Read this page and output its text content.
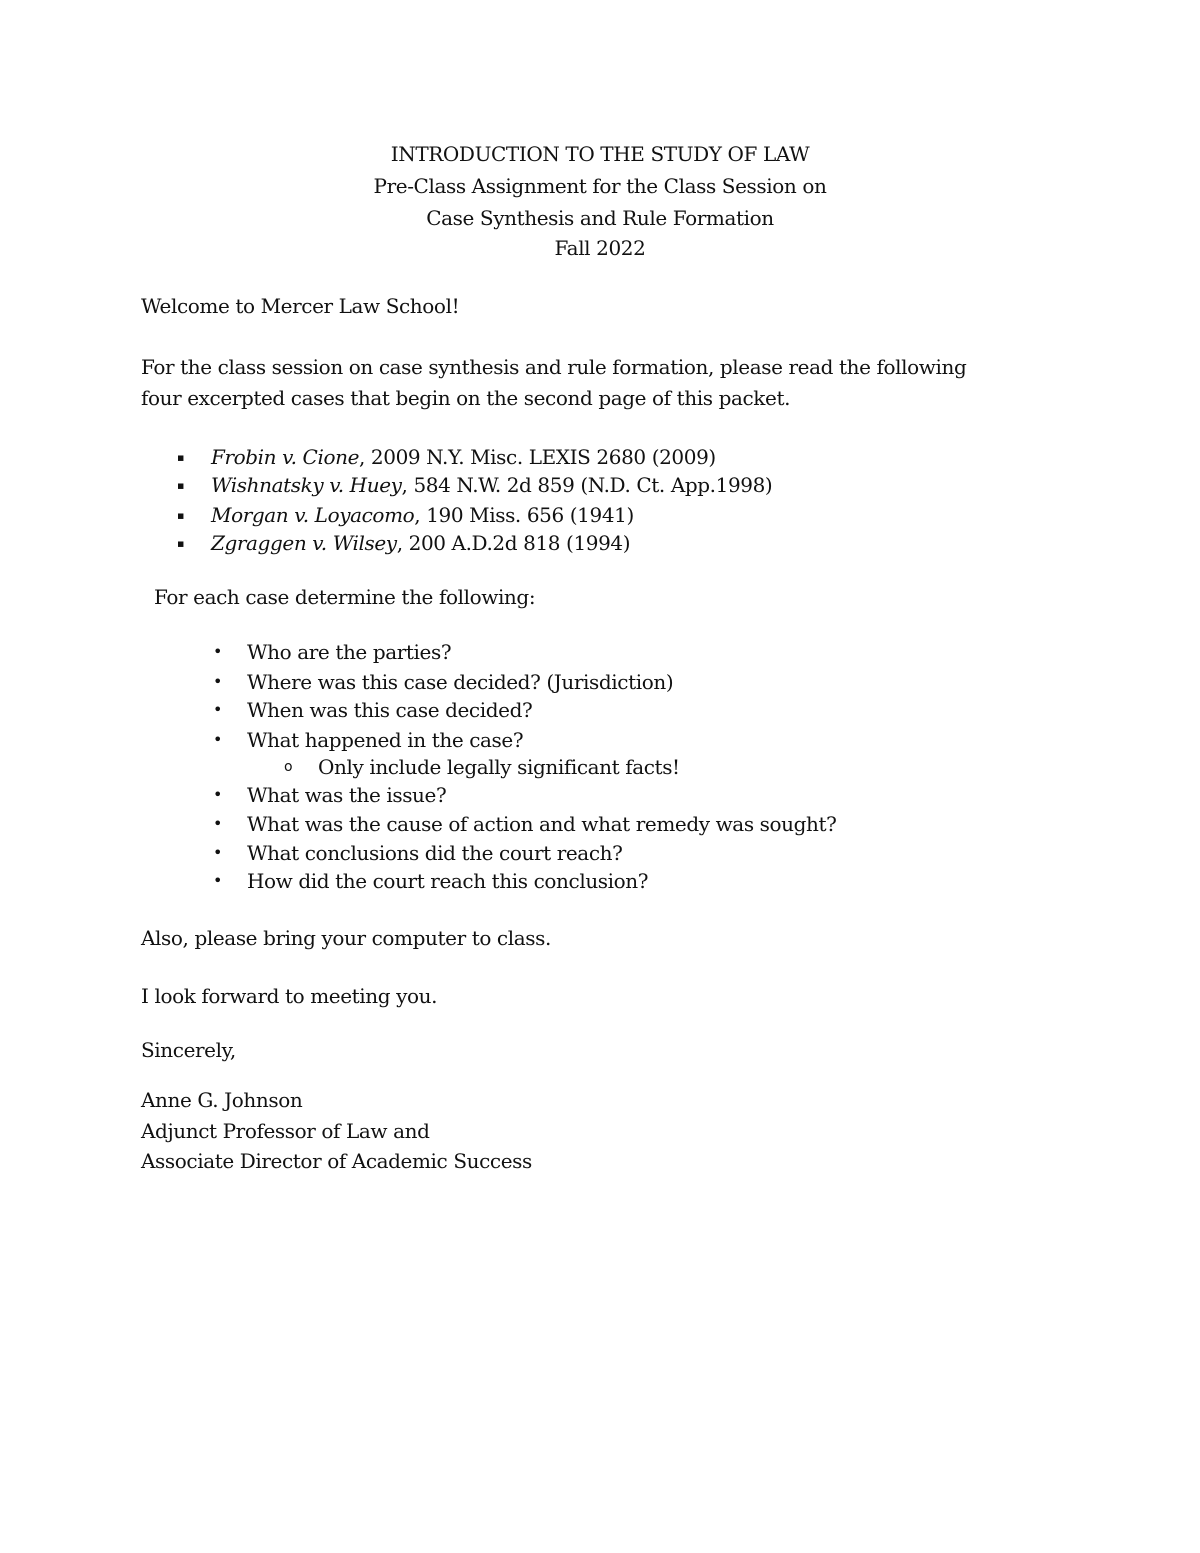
INTRODUCTION TO THE STUDY OF LAW
Pre-Class Assignment for the Class Session on
Case Synthesis and Rule Formation
Fall 2022
Welcome to Mercer Law School!
For the class session on case synthesis and rule formation, please read the following
four excerpted cases that begin on the second page of this packet.
▪ Frobin v. Cione, 2009 N.Y. Misc. LEXIS 2680 (2009)
▪ Wishnatsky v. Huey, 584 N.W. 2d 859 (N.D. Ct. App.1998)
▪ Morgan v. Loyacomo, 190 Miss. 656 (1941)
▪ Zgraggen v. Wilsey, 200 A.D.2d 818 (1994)
For each case determine the following:
• Who are the parties?
• Where was this case decided? (Jurisdiction)
• When was this case decided?
• What happened in the case?
o Only include legally significant facts!
• What was the issue?
• What was the cause of action and what remedy was sought?
• What conclusions did the court reach?
• How did the court reach this conclusion?
Also, please bring your computer to class.
I look forward to meeting you.
Sincerely,
Anne G. Johnson
Adjunct Professor of Law and
Associate Director of Academic Success
